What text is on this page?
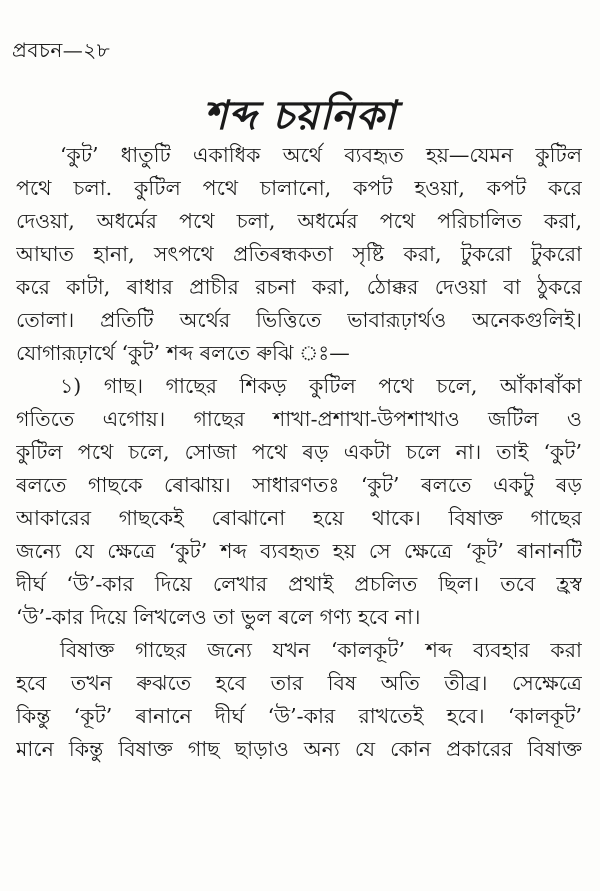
প্ৰবচন—২৮
শব্দ চয়নিকা
‘কুট’ ধাতুটি একাধিক অৰ্থে ব্যবহৃত হয়—যেমন কুটিল
পথে চলা. কুটিল পথে চালানো, কপট হওয়া, কপট করে
দেওয়া, অধর্মের পথে চলা, অধর্মের পথে পরিচালিত করা,
আঘাত হানা, সৎপথে প্রতিৰন্ধকতা সৃষ্টি করা, টুকরো টুকরো
করে কাটা, ৰাধার প্রাচীর রচনা করা, ঠোক্কর দেওয়া বা ঠুকরে
তোলা। প্রতিটি অর্থের ভিত্তিতে ভাবারূঢ়ার্থও অনেকগুলিই।
যোগারূঢ়ার্থে ‘কুট’ শব্দ ৰলতে ৰুঝি ঃ—
১) গাছ। গাছের শিকড় কুটিল পথে চলে, আঁকাৰাঁকা
গতিতে এগোয়। গাছের শাখা-প্রশাখা-উপশাখাও জটিল ও
কুটিল পথে চলে, সোজা পথে ৰড় একটা চলে না। তাই ‘কুট’
ৰলতে গাছকে ৰোঝায়। সাধারণতঃ ‘কুট’ ৰলতে একটু ৰড়
আকারের গাছকেই ৰোঝানো হয়ে থাকে। বিষাক্ত গাছের
জন্যে যে ক্ষেত্রে ‘কুট’ শব্দ ব্যবহৃত হয় সে ক্ষেত্রে ‘কূট’ ৰানানটি
দীর্ঘ ‘উ’-কার দিয়ে লেখার প্রথাই প্রচলিত ছিল। তবে হ্রস্ব
‘উ’-কার দিয়ে লিখলেও তা ভুল ৰলে গণ্য হবে না।
বিষাক্ত গাছের জন্যে যখন ‘কালকূট’ শব্দ ব্যবহার করা
হবে তখন ৰুঝতে হবে তার বিষ অতি তীব্র। সেক্ষেত্রে
কিন্তু ‘কূট’ ৰানানে দীর্ঘ ‘উ’-কার রাখতেই হবে। ‘কালকূট’
মানে কিন্তু বিষাক্ত গাছ ছাড়াও অন্য যে কোন প্রকারের বিষাক্ত
